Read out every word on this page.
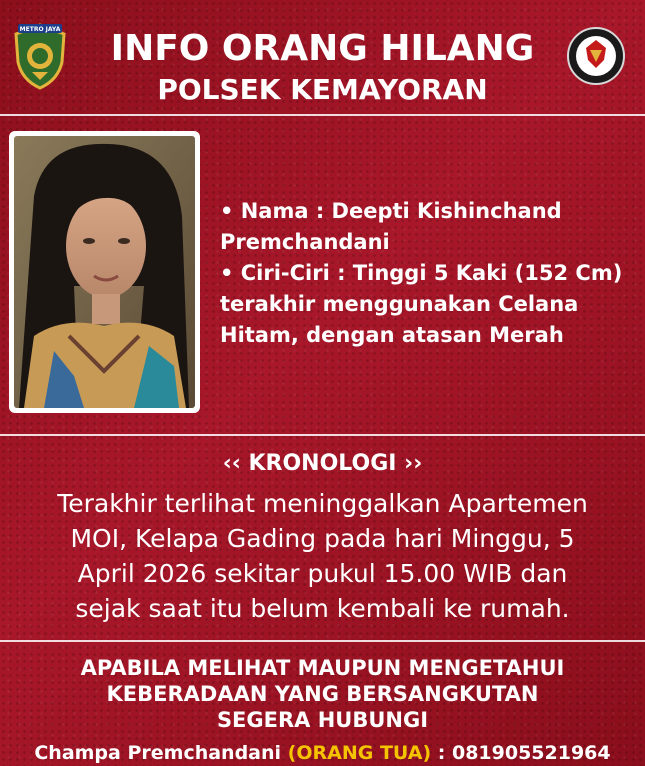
METRO JAYA	INFO ORANG HILANG
POLSEK KEMAYORAN
• Nama : Deepti Kishinchand
Premchandani
• Ciri-Ciri : Tinggi 5 Kaki (152 Cm)
terakhir menggunakan Celana
Hitam, dengan atasan Merah
‹‹ KRONOLOGI ››
Terakhir terlihat meninggalkan Apartemen
MOI, Kelapa Gading pada hari Minggu, 5
April 2026 sekitar pukul 15.00 WIB dan
sejak saat itu belum kembali ke rumah.
APABILA MELIHAT MAUPUN MENGETAHUI
KEBERADAAN YANG BERSANGKUTAN
SEGERA HUBUNGI
Champa Premchandani (ORANG TUA) : 081905521964
